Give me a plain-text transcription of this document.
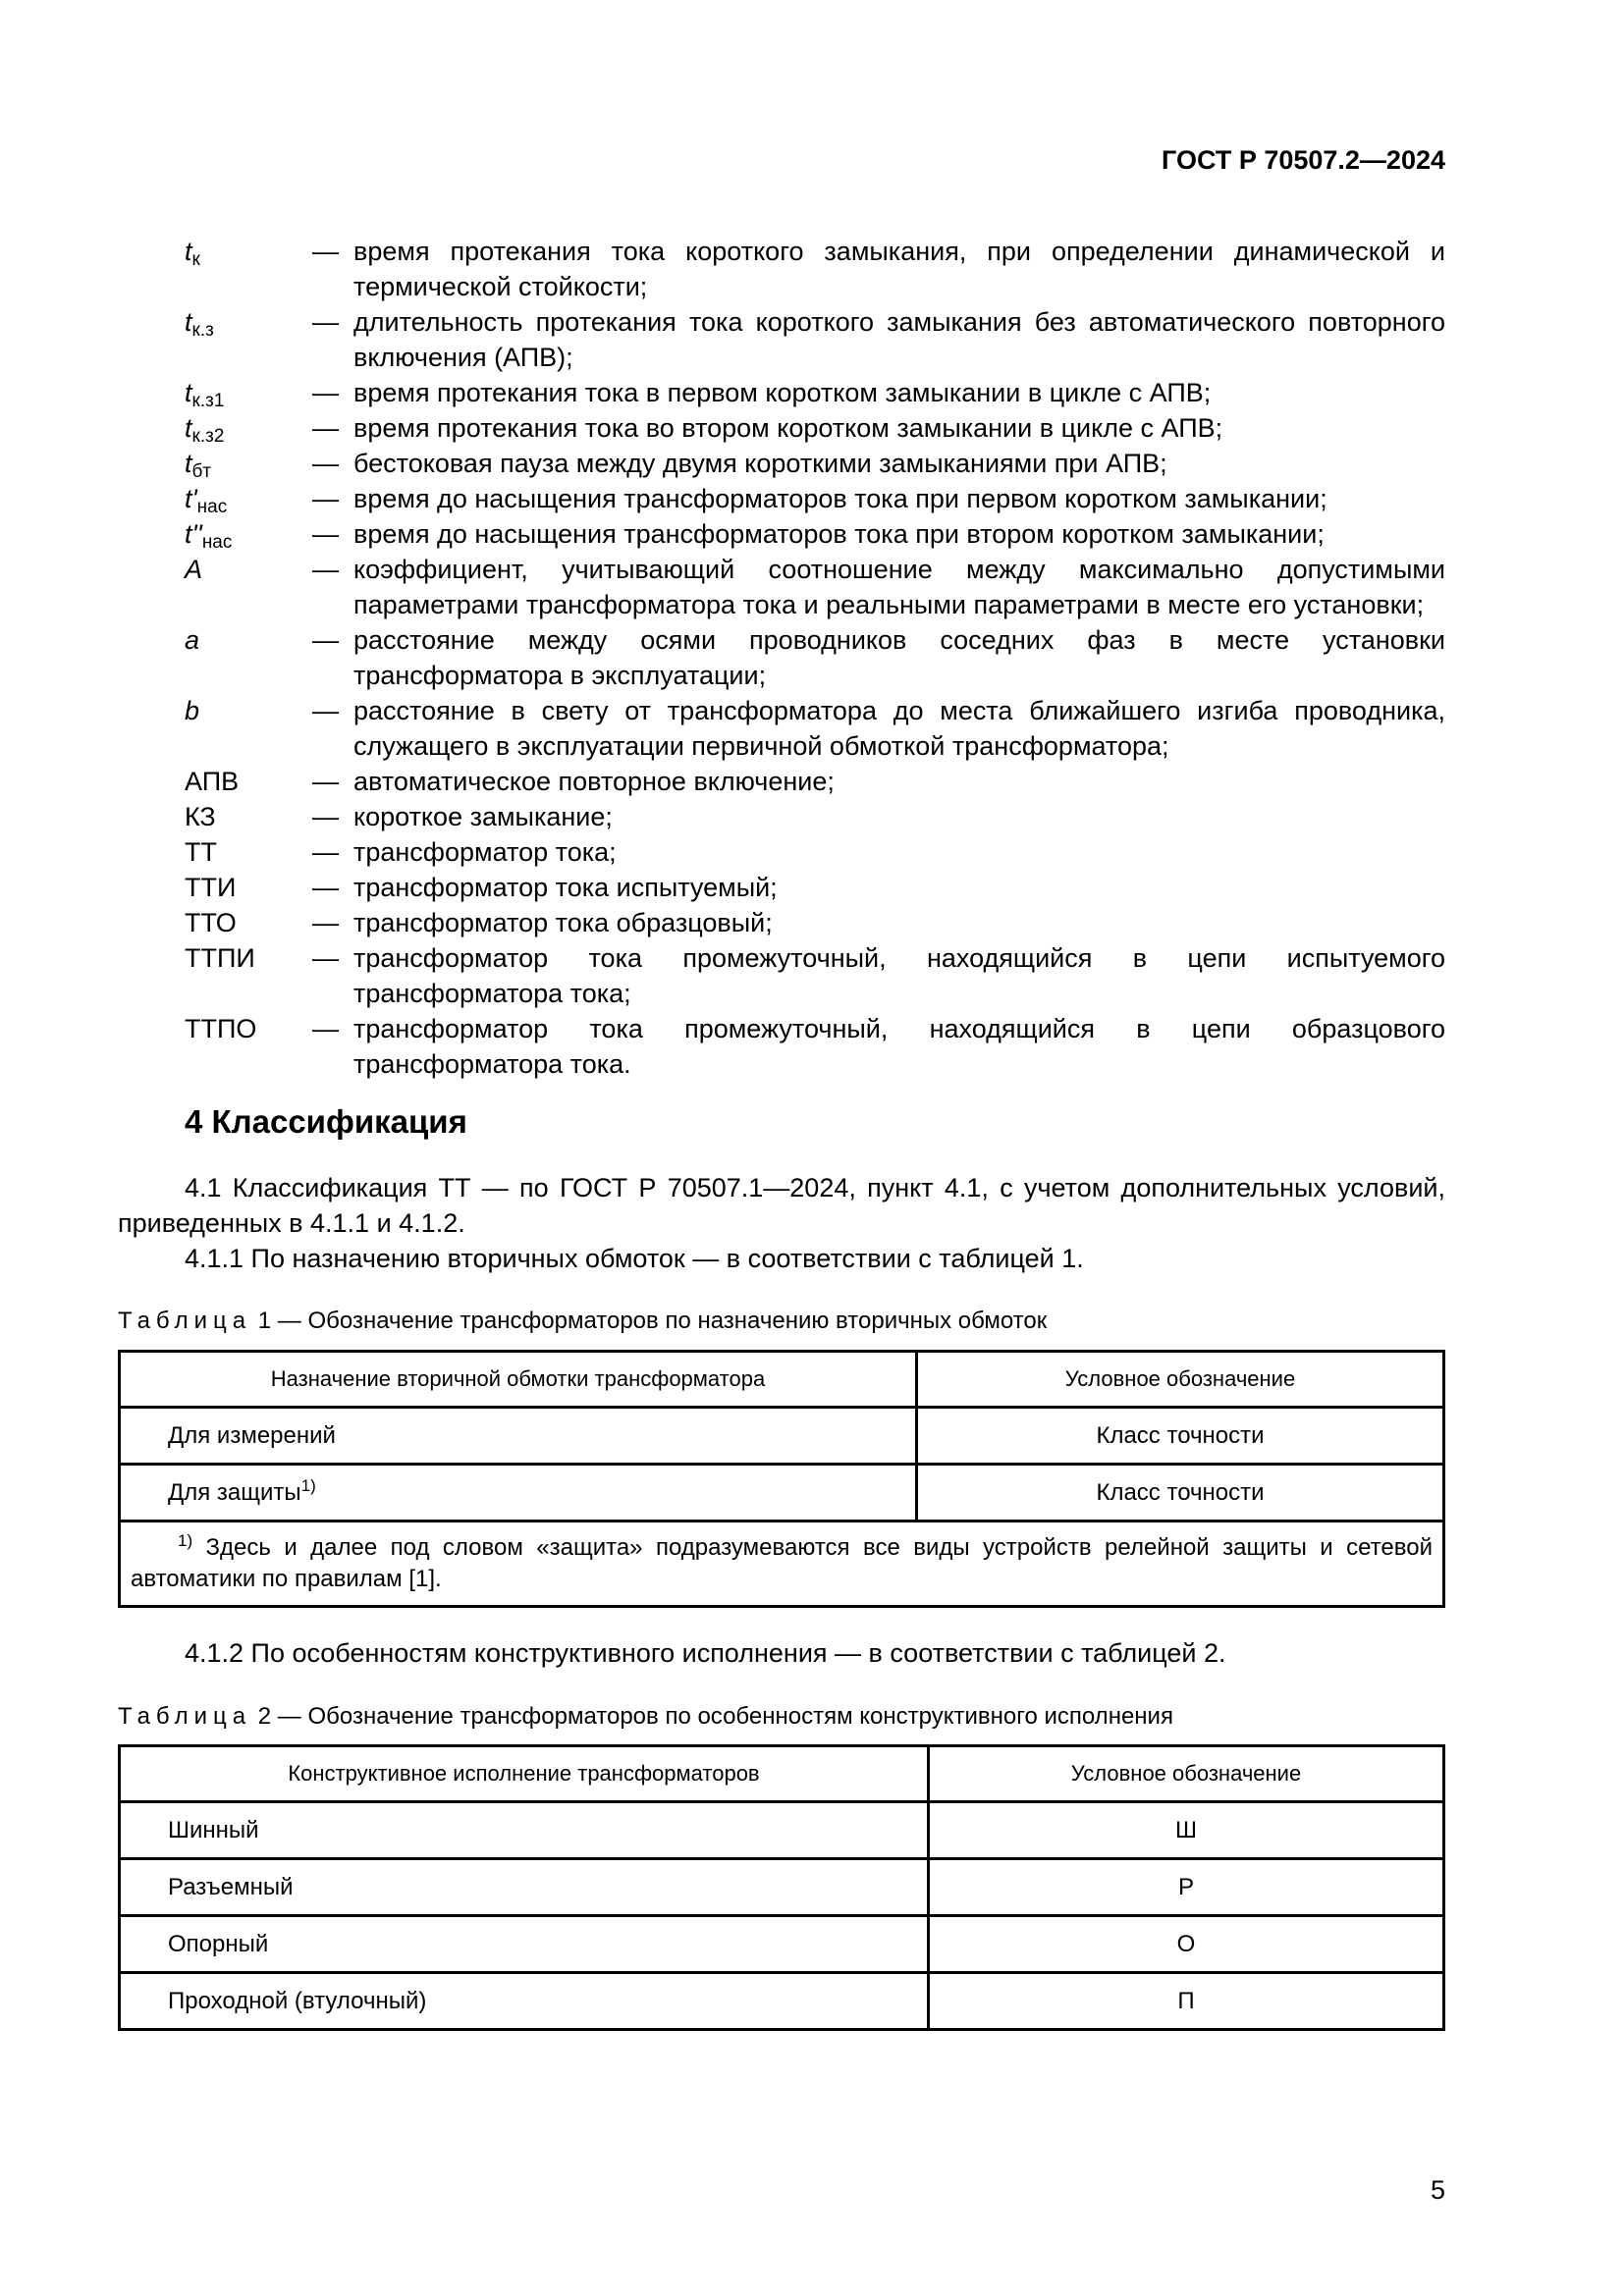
ГОСТ Р 70507.2—2024
$t_к$	— время протекания тока короткого замыкания, при определении динамической и термической стойкости;
$t_{к.з}$	— длительность протекания тока короткого замыкания без автоматического повторного включения (АПВ);
$t_{к.з1}$	— время протекания тока в первом коротком замыкании в цикле с АПВ;
$t_{к.з2}$	— время протекания тока во втором коротком замыкании в цикле с АПВ;
$t_{бт}$	— бестоковая пауза между двумя короткими замыканиями при АПВ;
$t'_{нас}$	— время до насыщения трансформаторов тока при первом коротком замыкании;
$t''_{нас}$	— время до насыщения трансформаторов тока при втором коротком замыкании;
A	— коэффициент, учитывающий соотношение между максимально допустимыми параметрами трансформатора тока и реальными параметрами в месте его установки;
a	— расстояние между осями проводников соседних фаз в месте установки трансформатора в эксплуатации;
b	— расстояние в свету от трансформатора до места ближайшего изгиба проводника, служащего в эксплуатации первичной обмоткой трансформатора;
АПВ	— автоматическое повторное включение;
КЗ	— короткое замыкание;
ТТ	— трансформатор тока;
ТТИ	— трансформатор тока испытуемый;
ТТО	— трансформатор тока образцовый;
ТТПИ	— трансформатор тока промежуточный, находящийся в цепи испытуемого трансформатора тока;
ТТПО	— трансформатор тока промежуточный, находящийся в цепи образцового трансформатора тока.
4 Классификация
4.1 Классификация ТТ — по ГОСТ Р 70507.1—2024, пункт 4.1, с учетом дополнительных условий, приведенных в 4.1.1 и 4.1.2.
4.1.1 По назначению вторичных обмоток — в соответствии с таблицей 1.
Таблица 1 — Обозначение трансформаторов по назначению вторичных обмоток
Назначение вторичной обмотки трансформатора	Условное обозначение
Для измерений	Класс точности
Для защиты$^{1)}$	Класс точности
$^{1)}$ Здесь и далее под словом «защита» подразумеваются все виды устройств релейной защиты и сетевой автоматики по правилам [1].	
4.1.2 По особенностям конструктивного исполнения — в соответствии с таблицей 2.
Таблица 2 — Обозначение трансформаторов по особенностям конструктивного исполнения
Конструктивное исполнение трансформаторов	Условное обозначение
Шинный	Ш
Разъемный	Р
Опорный	О
Проходной (втулочный)	П
5
